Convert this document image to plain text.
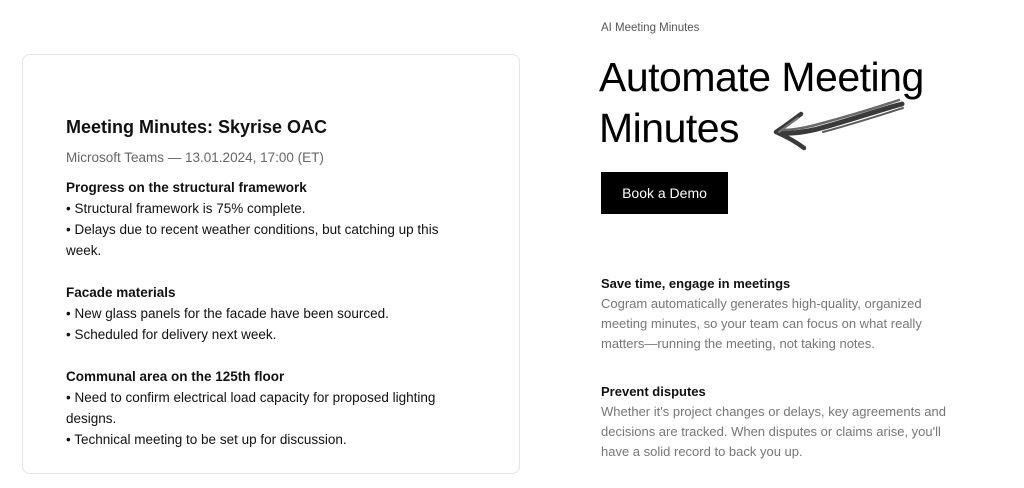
Meeting Minutes: Skyrise OAC
Microsoft Teams — 13.01.2024, 17:00 (ET)
Progress on the structural framework
• Structural framework is 75% complete.
• Delays due to recent weather conditions, but catching up this week.
Facade materials
• New glass panels for the facade have been sourced.
• Scheduled for delivery next week.
Communal area on the 125th floor
• Need to confirm electrical load capacity for proposed lighting designs.
• Technical meeting to be set up for discussion.
AI Meeting Minutes
Automate Meeting Minutes
Book a Demo
Save time, engage in meetings
Cogram automatically generates high-quality, organized meeting minutes, so your team can focus on what really matters—running the meeting, not taking notes.
Prevent disputes
Whether it's project changes or delays, key agreements and decisions are tracked. When disputes or claims arise, you'll have a solid record to back you up.
